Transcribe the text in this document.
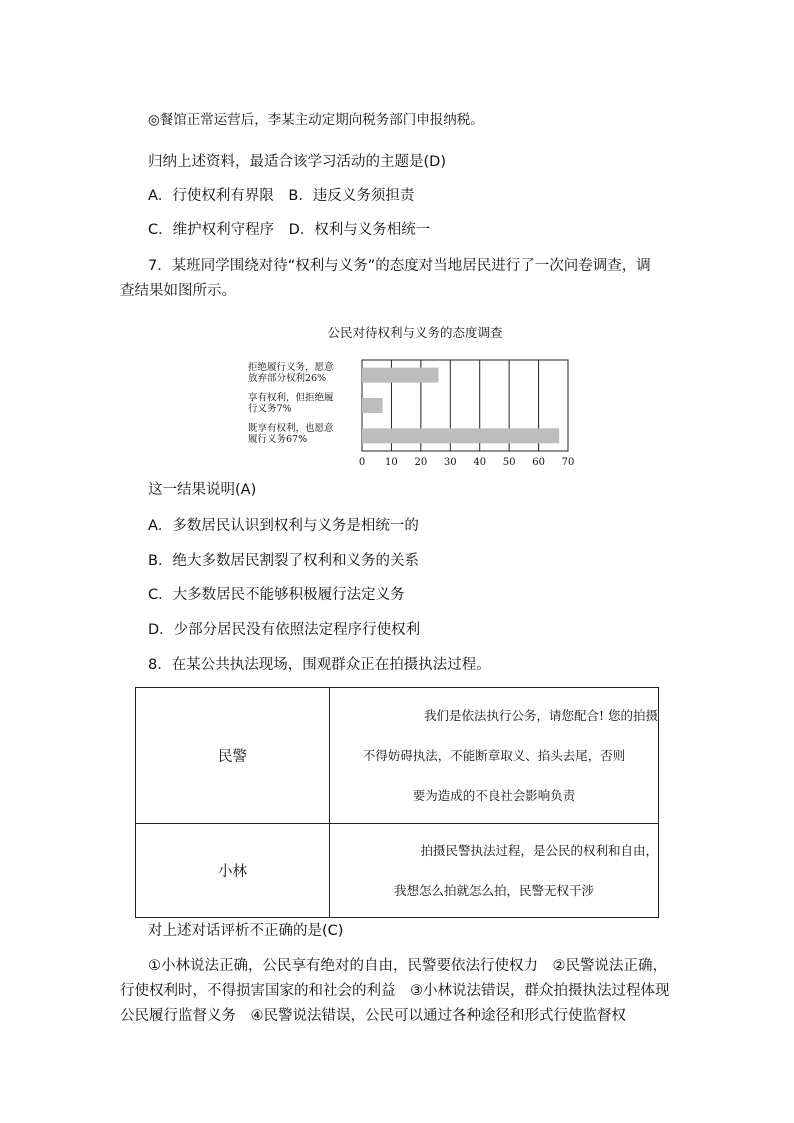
◎餐馆正常运营后，李某主动定期向税务部门申报纳税。
归纳上述资料，最适合该学习活动的主题是(D)
A．行使权利有界限　B．违反义务须担责
C．维护权利守程序　D．权利与义务相统一
7．某班同学围绕对待“权利与义务”的态度对当地居民进行了一次问卷调查，调
查结果如图所示。
公民对待权利与义务的态度调查
拒绝履行义务，愿意
放弃部分权利26%
享有权利，但拒绝履
行义务7%
既享有权利，也愿意
履行义务67%
0 10 20 30 40 50 60 70
这一结果说明(A)
A．多数居民认识到权利与义务是相统一的
B．绝大多数居民割裂了权利和义务的关系
C．大多数居民不能够积极履行法定义务
D．少部分居民没有依照法定程序行使权利
8．在某公共执法现场，围观群众正在拍摄执法过程。
民警	我们是依法执行公务，请您配合! 您的拍摄
不得妨碍执法，不能断章取义、掐头去尾，否则
要为造成的不良社会影响负责

小林	拍摄民警执法过程，是公民的权利和自由，
我想怎么拍就怎么拍，民警无权干涉
对上述对话评析不正确的是(C)
①小林说法正确，公民享有绝对的自由，民警要依法行使权力　②民警说法正确，
行使权利时，不得损害国家的和社会的利益　③小林说法错误，群众拍摄执法过程体现
公民履行监督义务　④民警说法错误，公民可以通过各种途径和形式行使监督权
